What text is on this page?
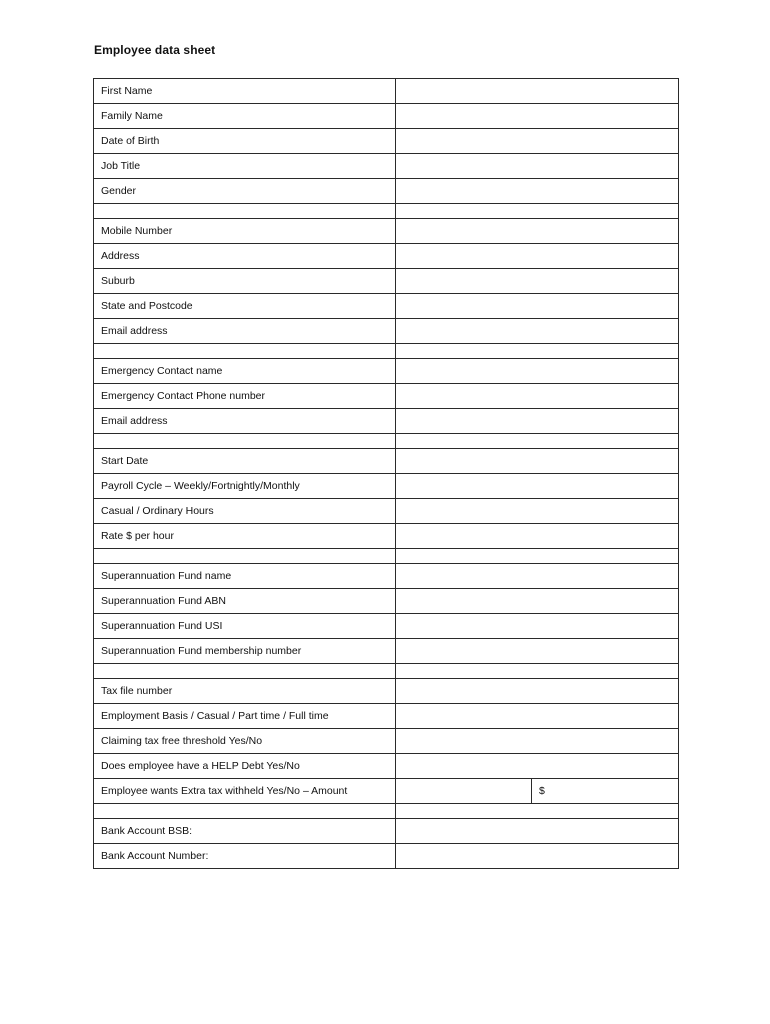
Employee data sheet
First Name		
Family Name		
Date of Birth		
Job Title		
Gender		

Mobile Number		
Address		
Suburb		
State and Postcode		
Email address		

Emergency Contact name		
Emergency Contact Phone number		
Email address		

Start Date		
Payroll Cycle – Weekly/Fortnightly/Monthly		
Casual / Ordinary Hours		
Rate $ per hour		

Superannuation Fund name		
Superannuation Fund ABN		
Superannuation Fund USI		
Superannuation Fund membership number		

Tax file number		
Employment Basis / Casual / Part time / Full time		
Claiming tax free threshold Yes/No		
Does employee have a HELP Debt Yes/No		
Employee wants Extra tax withheld Yes/No – Amount		$

Bank Account BSB:		
Bank Account Number:		
